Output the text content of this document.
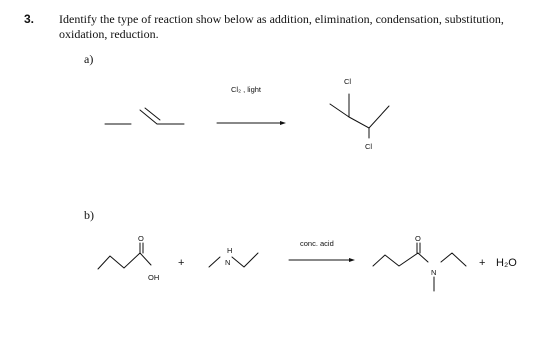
3. Identify the type of reaction show below as addition, elimination, condensation, substitution, oxidation, reduction.
a)
b)
Cl₂ , light
Cl
Cl
O
OH
H
N
conc. acid
O
N
+	+ H₂O
